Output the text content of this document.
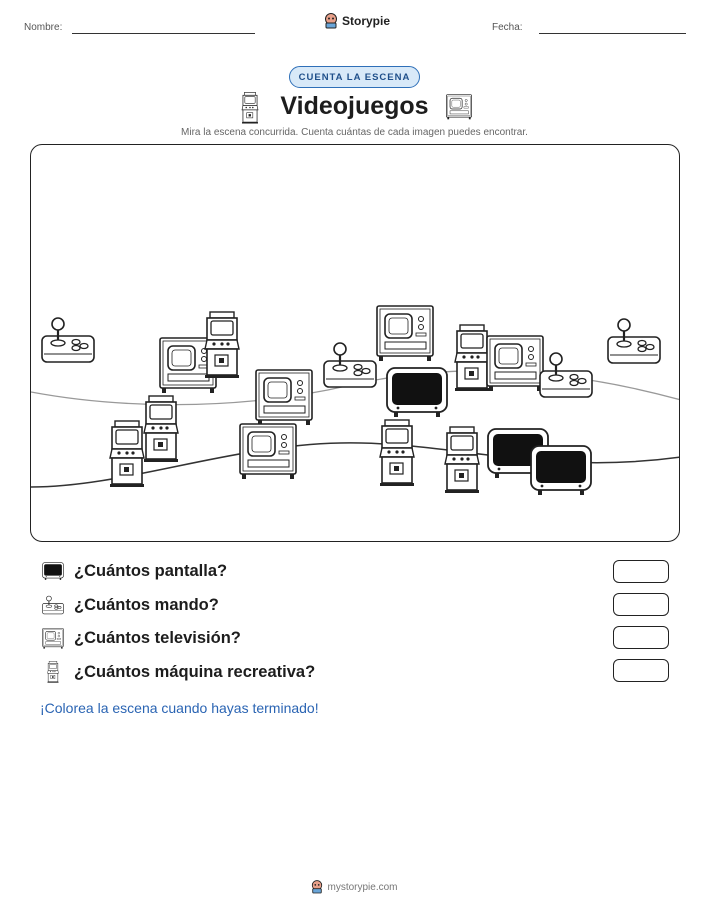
Nombre:	Storypie	Fecha:
CUENTA LA ESCENA
Videojuegos
Mira la escena concurrida. Cuenta cuántas de cada imagen puedes encontrar.
¿Cuántos pantalla?
¿Cuántos mando?
¿Cuántos televisión?
¿Cuántos máquina recreativa?
¡Colorea la escena cuando hayas terminado!
mystorypie.com
